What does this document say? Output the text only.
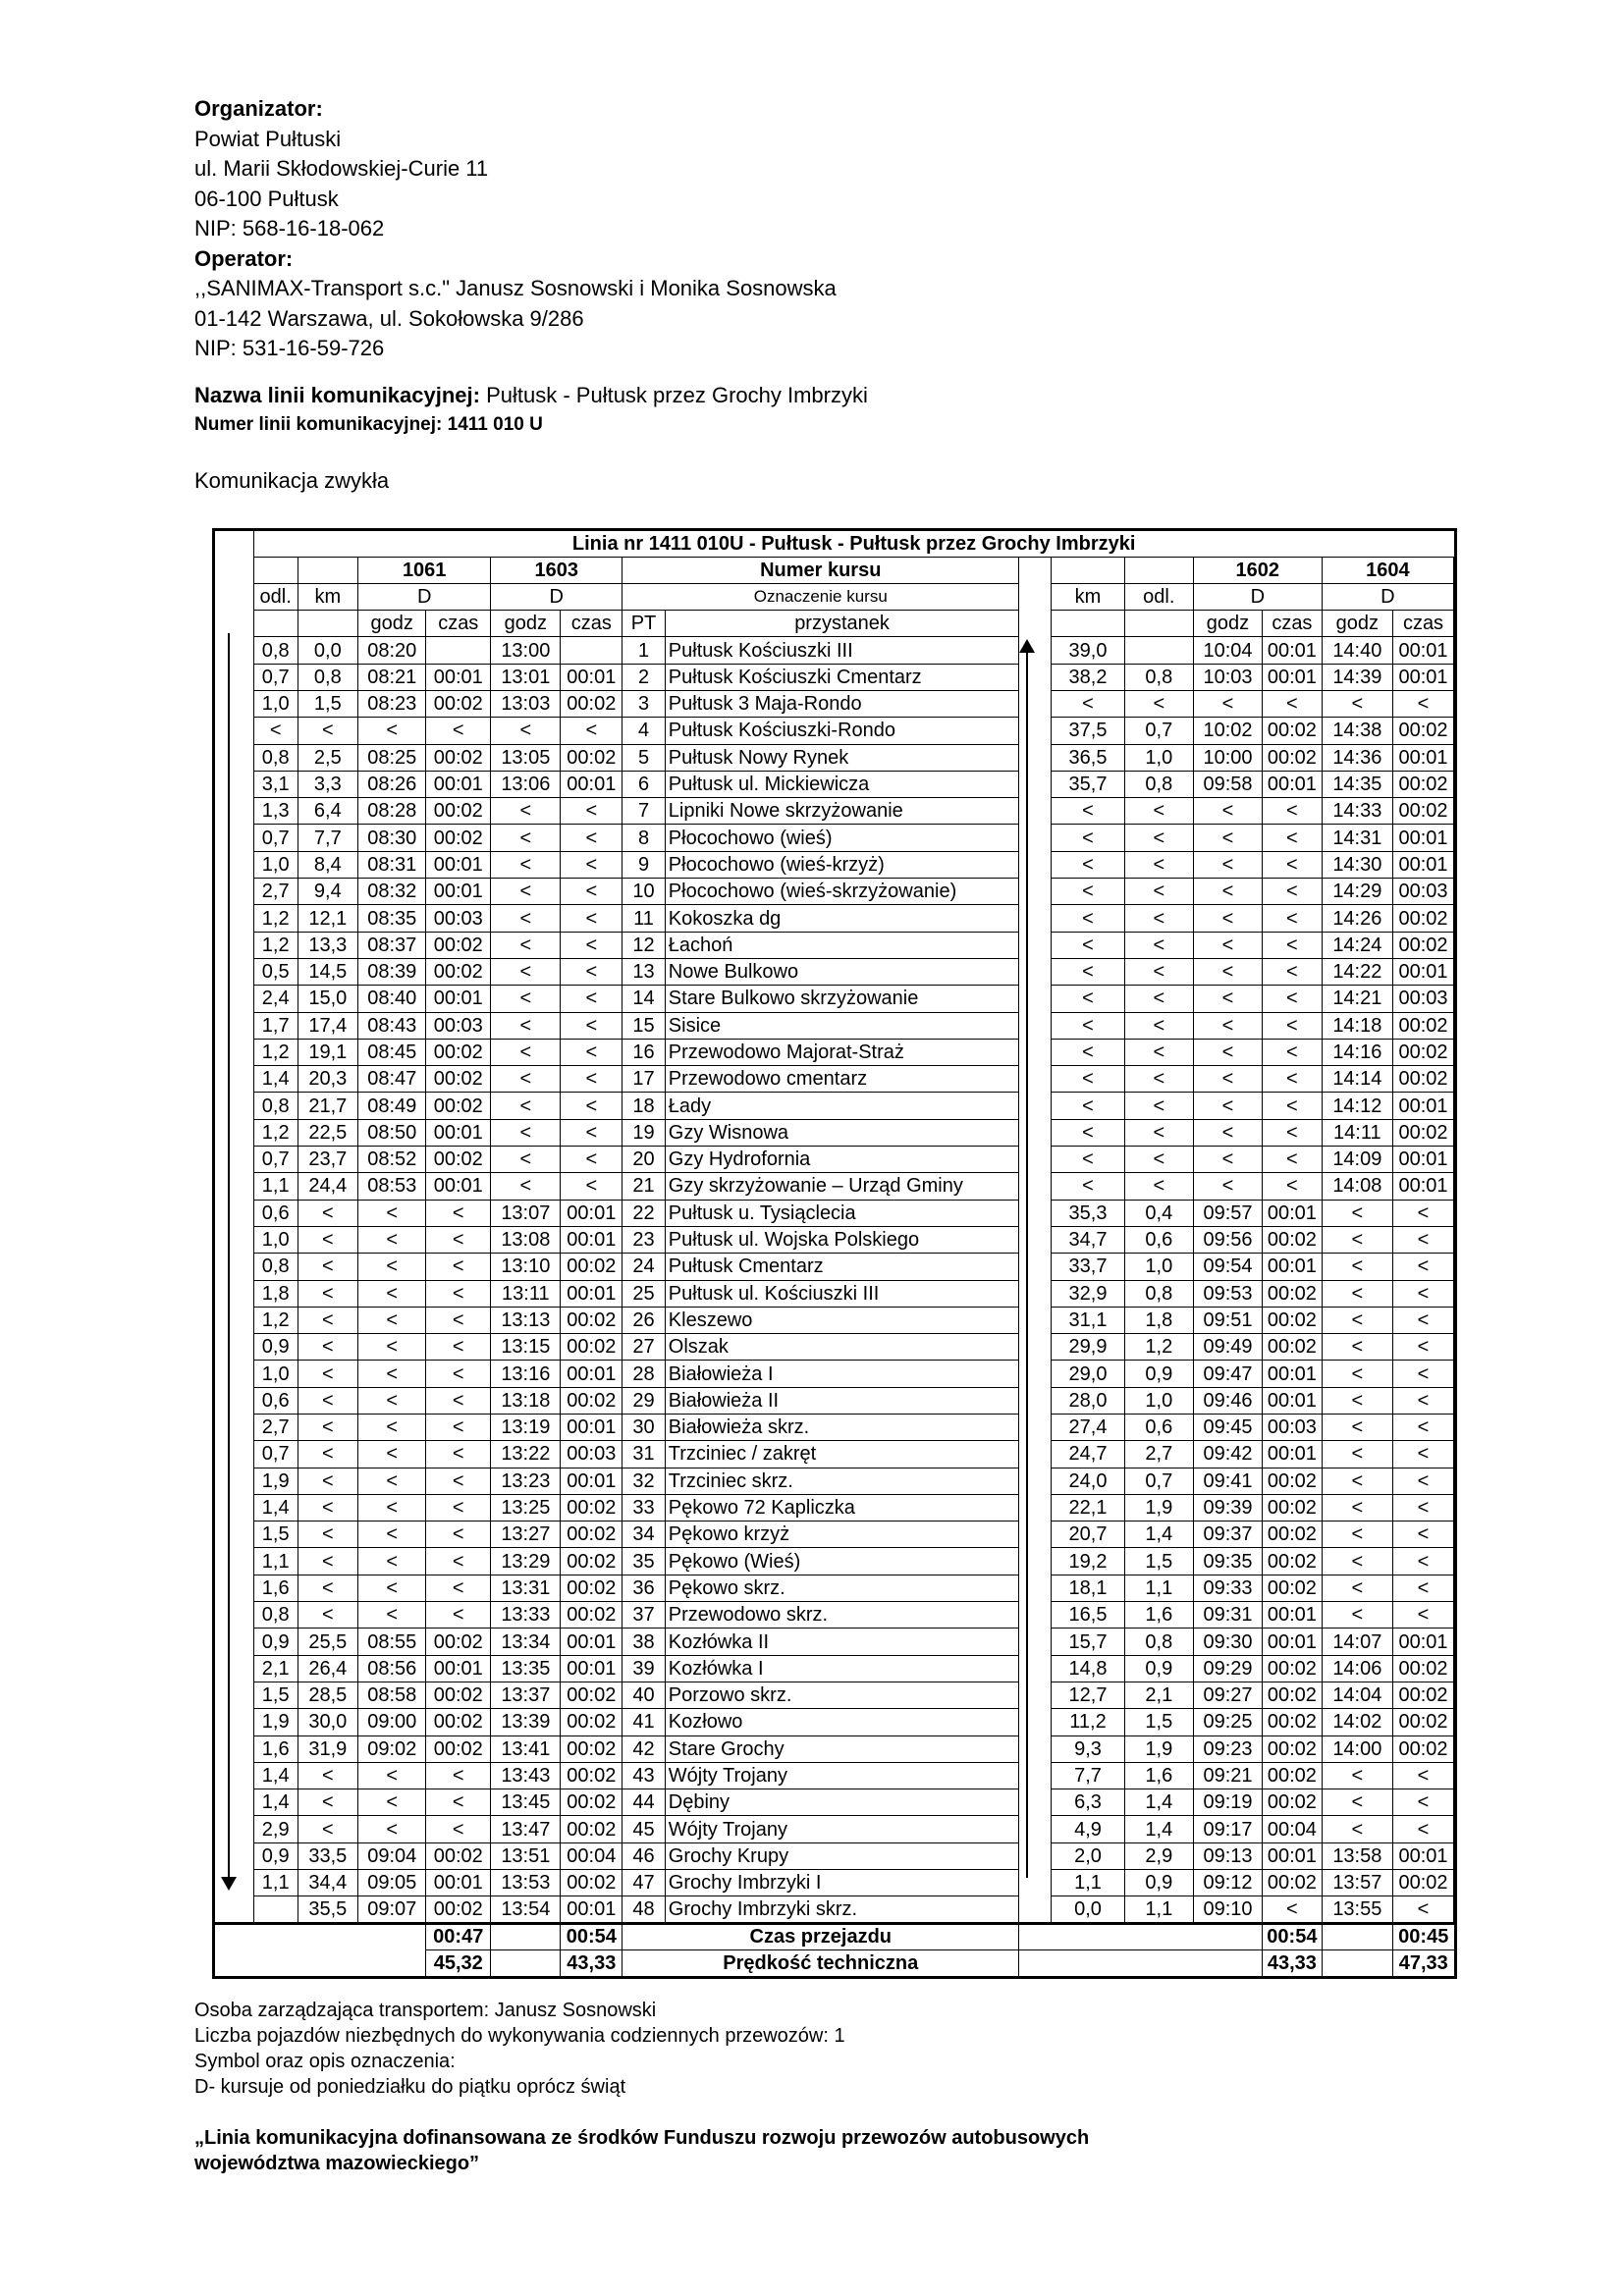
Organizator:
Powiat Pułtuski
ul. Marii Skłodowskiej-Curie 11
06-100 Pułtusk
NIP: 568-16-18-062
Operator:
,,SANIMAX-Transport s.c." Janusz Sosnowski i Monika Sosnowska
01-142 Warszawa, ul. Sokołowska 9/286
NIP: 531-16-59-726
Nazwa linii komunikacyjnej: Pułtusk - Pułtusk przez Grochy Imbrzyki
Numer linii komunikacyjnej: 1411 010 U
Komunikacja zwykła
	Linia nr 1411 010U - Pułtusk - Pułtusk przez Grochy Imbrzyki														
			1061		1603		Numer kursu					1602		1604	
	odl.	km	D		D		Oznaczenie kursu			km	odl.	D		D	
			godz	czas	godz	czas	PT	przystanek				godz	czas	godz	czas
	0,8	0,0	08:20		13:00		1	Pułtusk Kościuszki III		39,0		10:04	00:01	14:40	00:01
	0,7	0,8	08:21	00:01	13:01	00:01	2	Pułtusk Kościuszki Cmentarz		38,2	0,8	10:03	00:01	14:39	00:01
	1,0	1,5	08:23	00:02	13:03	00:02	3	Pułtusk 3 Maja-Rondo		<	<	<	<	<	<
	<	<	<	<	<	<	4	Pułtusk Kościuszki-Rondo		37,5	0,7	10:02	00:02	14:38	00:02
	0,8	2,5	08:25	00:02	13:05	00:02	5	Pułtusk Nowy Rynek		36,5	1,0	10:00	00:02	14:36	00:01
	3,1	3,3	08:26	00:01	13:06	00:01	6	Pułtusk ul. Mickiewicza		35,7	0,8	09:58	00:01	14:35	00:02
	1,3	6,4	08:28	00:02	<	<	7	Lipniki Nowe skrzyżowanie		<	<	<	<	14:33	00:02
	0,7	7,7	08:30	00:02	<	<	8	Płocochowo (wieś)		<	<	<	<	14:31	00:01
	1,0	8,4	08:31	00:01	<	<	9	Płocochowo (wieś-krzyż)		<	<	<	<	14:30	00:01
	2,7	9,4	08:32	00:01	<	<	10	Płocochowo (wieś-skrzyżowanie)		<	<	<	<	14:29	00:03
	1,2	12,1	08:35	00:03	<	<	11	Kokoszka dg		<	<	<	<	14:26	00:02
	1,2	13,3	08:37	00:02	<	<	12	Łachoń		<	<	<	<	14:24	00:02
	0,5	14,5	08:39	00:02	<	<	13	Nowe Bulkowo		<	<	<	<	14:22	00:01
	2,4	15,0	08:40	00:01	<	<	14	Stare Bulkowo skrzyżowanie		<	<	<	<	14:21	00:03
	1,7	17,4	08:43	00:03	<	<	15	Sisice		<	<	<	<	14:18	00:02
	1,2	19,1	08:45	00:02	<	<	16	Przewodowo Majorat-Straż		<	<	<	<	14:16	00:02
	1,4	20,3	08:47	00:02	<	<	17	Przewodowo cmentarz		<	<	<	<	14:14	00:02
	0,8	21,7	08:49	00:02	<	<	18	Łady		<	<	<	<	14:12	00:01
	1,2	22,5	08:50	00:01	<	<	19	Gzy Wisnowa		<	<	<	<	14:11	00:02
	0,7	23,7	08:52	00:02	<	<	20	Gzy Hydrofornia		<	<	<	<	14:09	00:01
	1,1	24,4	08:53	00:01	<	<	21	Gzy skrzyżowanie – Urząd Gminy		<	<	<	<	14:08	00:01
	0,6	<	<	<	13:07	00:01	22	Pułtusk u. Tysiąclecia		35,3	0,4	09:57	00:01	<	<
	1,0	<	<	<	13:08	00:01	23	Pułtusk ul. Wojska Polskiego		34,7	0,6	09:56	00:02	<	<
	0,8	<	<	<	13:10	00:02	24	Pułtusk Cmentarz		33,7	1,0	09:54	00:01	<	<
	1,8	<	<	<	13:11	00:01	25	Pułtusk ul. Kościuszki III		32,9	0,8	09:53	00:02	<	<
	1,2	<	<	<	13:13	00:02	26	Kleszewo		31,1	1,8	09:51	00:02	<	<
	0,9	<	<	<	13:15	00:02	27	Olszak		29,9	1,2	09:49	00:02	<	<
	1,0	<	<	<	13:16	00:01	28	Białowieża I		29,0	0,9	09:47	00:01	<	<
	0,6	<	<	<	13:18	00:02	29	Białowieża II		28,0	1,0	09:46	00:01	<	<
	2,7	<	<	<	13:19	00:01	30	Białowieża skrz.		27,4	0,6	09:45	00:03	<	<
	0,7	<	<	<	13:22	00:03	31	Trzciniec / zakręt		24,7	2,7	09:42	00:01	<	<
	1,9	<	<	<	13:23	00:01	32	Trzciniec skrz.		24,0	0,7	09:41	00:02	<	<
	1,4	<	<	<	13:25	00:02	33	Pękowo 72 Kapliczka		22,1	1,9	09:39	00:02	<	<
	1,5	<	<	<	13:27	00:02	34	Pękowo krzyż		20,7	1,4	09:37	00:02	<	<
	1,1	<	<	<	13:29	00:02	35	Pękowo (Wieś)		19,2	1,5	09:35	00:02	<	<
	1,6	<	<	<	13:31	00:02	36	Pękowo skrz.		18,1	1,1	09:33	00:02	<	<
	0,8	<	<	<	13:33	00:02	37	Przewodowo skrz.		16,5	1,6	09:31	00:01	<	<
	0,9	25,5	08:55	00:02	13:34	00:01	38	Kozłówka II		15,7	0,8	09:30	00:01	14:07	00:01
	2,1	26,4	08:56	00:01	13:35	00:01	39	Kozłówka I		14,8	0,9	09:29	00:02	14:06	00:02
	1,5	28,5	08:58	00:02	13:37	00:02	40	Porzowo skrz.		12,7	2,1	09:27	00:02	14:04	00:02
	1,9	30,0	09:00	00:02	13:39	00:02	41	Kozłowo		11,2	1,5	09:25	00:02	14:02	00:02
	1,6	31,9	09:02	00:02	13:41	00:02	42	Stare Grochy		9,3	1,9	09:23	00:02	14:00	00:02
	1,4	<	<	<	13:43	00:02	43	Wójty Trojany		7,7	1,6	09:21	00:02	<	<
	1,4	<	<	<	13:45	00:02	44	Dębiny		6,3	1,4	09:19	00:02	<	<
	2,9	<	<	<	13:47	00:02	45	Wójty Trojany		4,9	1,4	09:17	00:04	<	<
	0,9	33,5	09:04	00:02	13:51	00:04	46	Grochy Krupy		2,0	2,9	09:13	00:01	13:58	00:01
	1,1	34,4	09:05	00:01	13:53	00:02	47	Grochy Imbrzyki I		1,1	0,9	09:12	00:02	13:57	00:02
		35,5	09:07	00:02	13:54	00:01	48	Grochy Imbrzyki skrz.		0,0	1,1	09:10	<	13:55	<
				00:47		00:54	Czas przejazdu						00:54		00:45
				45,32		43,33	Prędkość techniczna						43,33		47,33
Osoba zarządzająca transportem: Janusz Sosnowski
Liczba pojazdów niezbędnych do wykonywania codziennych przewozów: 1
Symbol oraz opis oznaczenia:
D- kursuje od poniedziałku do piątku oprócz świąt
„Linia komunikacyjna dofinansowana ze środków Funduszu rozwoju przewozów autobusowych
województwa mazowieckiego”
